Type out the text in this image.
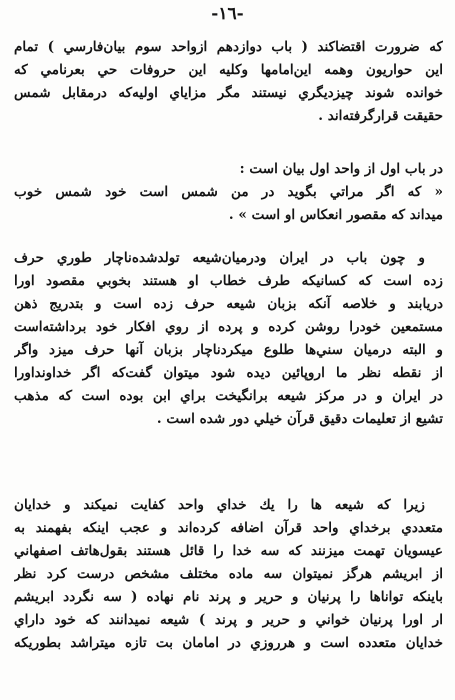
-١٦-
كه ضرورت اقتضاكند ( باب دوازدهم ازواحد سوم بيان‌فارسي ) تمام
اين حواريون وهمه اين‌امامها وكليه اين حروفات حي بعرنامي كه
خوانده شوند چيزديگري نيستند مگر مزاياي اوليه‌كه درمقابل شمس
حقيقت قرارگرفته‌اند .
در باب اول از واحد اول بيان است :
« كه اگر مراتي بگويد در من شمس است خود شمس خوب
ميداند كه مقصور انعكاس او است » .
و چون باب در ايران ودرميان‌شيعه تولدشده‌ناچار طوري حرف
زده است كه كسانيكه طرف خطاب او هستند بخوبي مقصود اورا
دريابند و خلاصه آنكه بزبان شيعه حرف زده است و بتدريج ذهن
مستمعين خودرا روشن كرده و پرده از روي افكار خود برداشته‌است
و البته درميان سني‌ها طلوع ميكرد‌ناچار بزبان آنها حرف ميزد واگر
از نقطه نظر ما اروپائين ديده شود ميتوان گفت‌كه اگر خداوندا‌ورا
در ايران و در مركز شيعه برانگيخت براي ابن بوده است كه مذهب
تشيع از تعليمات دقيق قرآن خيلي دور شده است .
زيرا كه شيعه ها را يك خداي واحد كفايت نميكند و خدايان
متعددي برخداي واحد قرآن اضافه كرده‌اند و عجب اينكه بفهمند به
عيسويان تهمت ميزنند كه سه خدا را قائل هستند بقول‌هاتف اصفهاني
از ابريشم هرگز نميتوان سه ماده مختلف مشخص درست كرد نظر
باينكه تواناها را پرنيان و حرير و پرند نام نهاده ( سه نگردد ابريشم
ار اورا پرنيان خواني و حرير و پرند ) شيعه نميدانند كه خود داراي
خدايان متعدده است و هرروزي در امامان بت تازه ميتراشد بطوريكه
